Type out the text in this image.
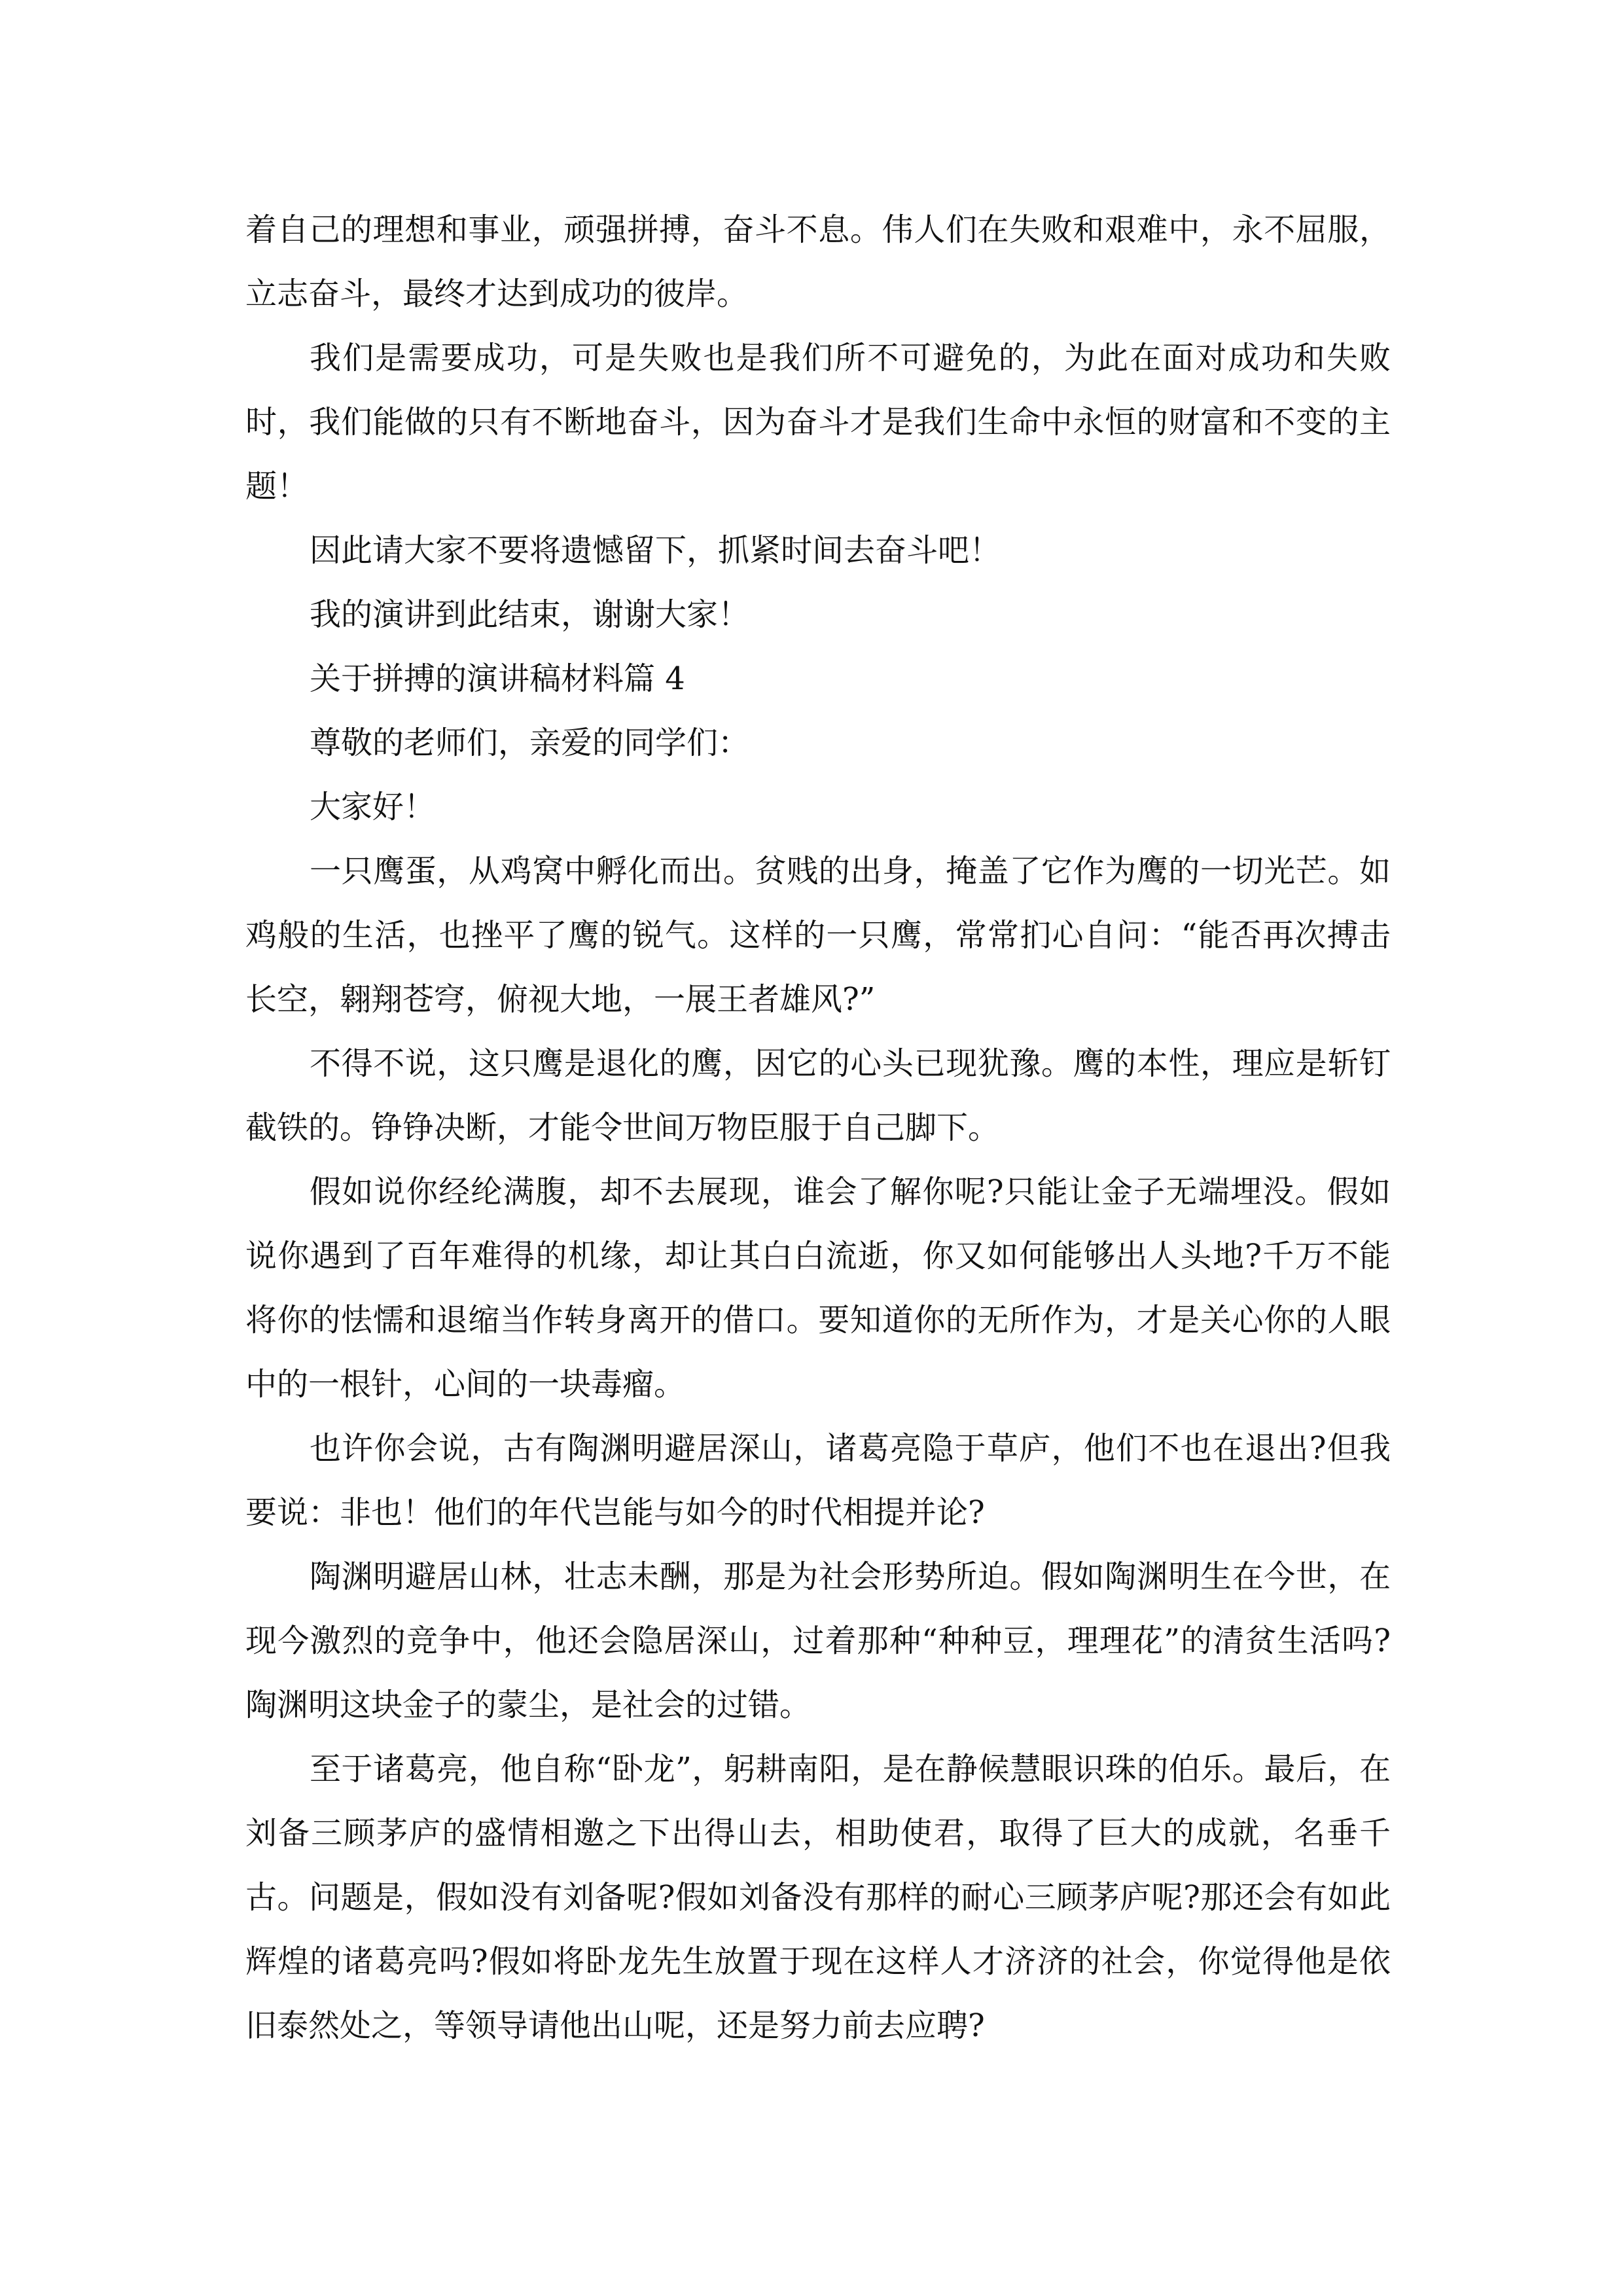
着自己的理想和事业，顽强拼搏，奋斗不息。伟人们在失败和艰难中，永不屈服，立志奋斗，最终才达到成功的彼岸。

我们是需要成功，可是失败也是我们所不可避免的，为此在面对成功和失败时，我们能做的只有不断地奋斗，因为奋斗才是我们生命中永恒的财富和不变的主题！

因此请大家不要将遗憾留下，抓紧时间去奋斗吧！

我的演讲到此结束，谢谢大家！

关于拼搏的演讲稿材料篇 4

尊敬的老师们，亲爱的同学们：

大家好！

一只鹰蛋，从鸡窝中孵化而出。贫贱的出身，掩盖了它作为鹰的一切光芒。如鸡般的生活，也挫平了鹰的锐气。这样的一只鹰，常常扪心自问：“能否再次搏击长空，翱翔苍穹，俯视大地，一展王者雄风?”

不得不说，这只鹰是退化的鹰，因它的心头已现犹豫。鹰的本性，理应是斩钉截铁的。铮铮决断，才能令世间万物臣服于自己脚下。

假如说你经纶满腹，却不去展现，谁会了解你呢?只能让金子无端埋没。假如说你遇到了百年难得的机缘，却让其白白流逝，你又如何能够出人头地?千万不能将你的怯懦和退缩当作转身离开的借口。要知道你的无所作为，才是关心你的人眼中的一根针，心间的一块毒瘤。

也许你会说，古有陶渊明避居深山，诸葛亮隐于草庐，他们不也在退出?但我要说：非也！他们的年代岂能与如今的时代相提并论?

陶渊明避居山林，壮志未酬，那是为社会形势所迫。假如陶渊明生在今世，在现今激烈的竞争中，他还会隐居深山，过着那种“种种豆，理理花”的清贫生活吗?陶渊明这块金子的蒙尘，是社会的过错。

至于诸葛亮，他自称“卧龙”，躬耕南阳，是在静候慧眼识珠的伯乐。最后，在刘备三顾茅庐的盛情相邀之下出得山去，相助使君，取得了巨大的成就，名垂千古。问题是，假如没有刘备呢?假如刘备没有那样的耐心三顾茅庐呢?那还会有如此辉煌的诸葛亮吗?假如将卧龙先生放置于现在这样人才济济的社会，你觉得他是依旧泰然处之，等领导请他出山呢，还是努力前去应聘?
